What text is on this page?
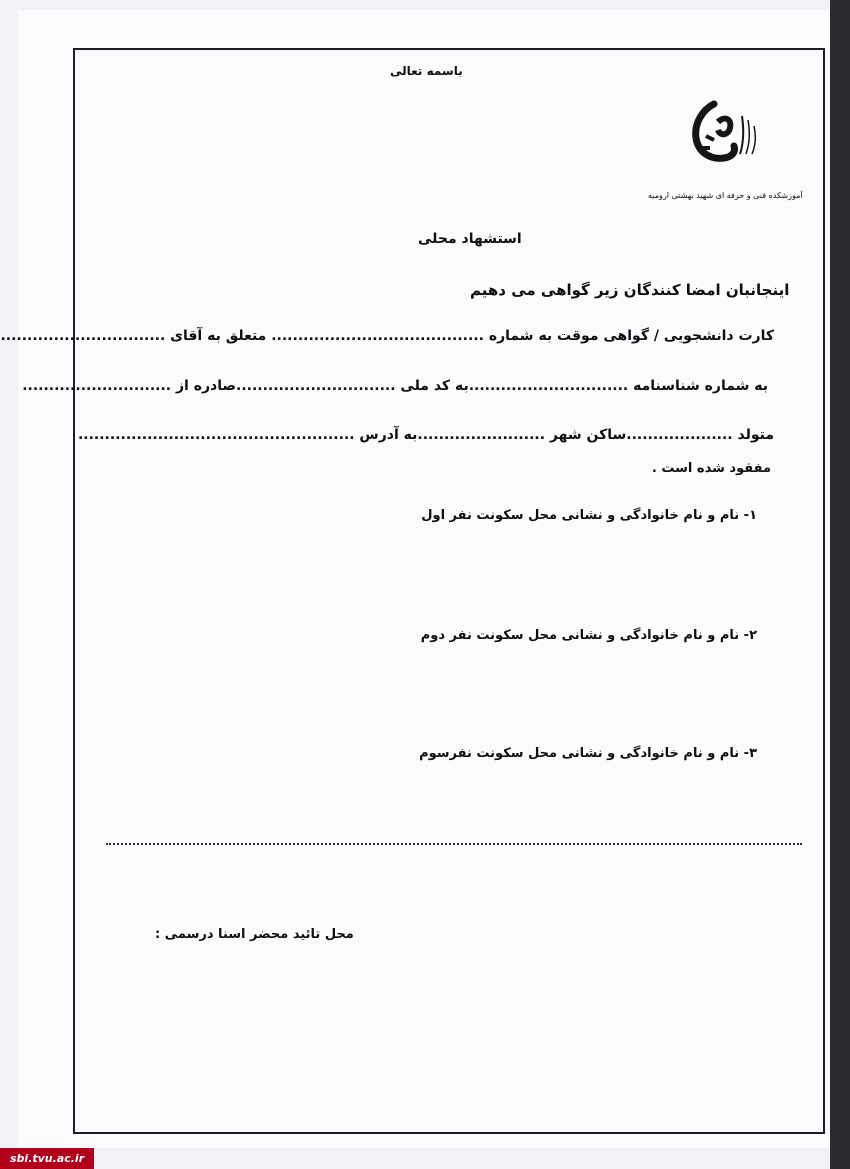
باسمه تعالی
آموزشکده فنی و حرفه ای شهید بهشتی ارومیه
استشهاد محلی
اینجانبان امضا کنندگان زیر گواهی می دهیم
کارت دانشجویی / گواهی موقت به شماره ........................................ متعلق به آقای ...............................
به شماره شناسنامه ..............................به کد ملی ..............................صادره از ............................
متولد ....................ساکن شهر ........................به آدرس ....................................................
مفقود شده است .
۱- نام و نام خانوادگی و نشانی محل سکونت نفر اول
۲- نام و نام خانوادگی و نشانی محل سکونت نفر دوم
۳- نام و نام خانوادگی و نشانی محل سکونت نفرسوم
محل تائید محضر اسنا درسمی :
sbi.tvu.ac.ir
